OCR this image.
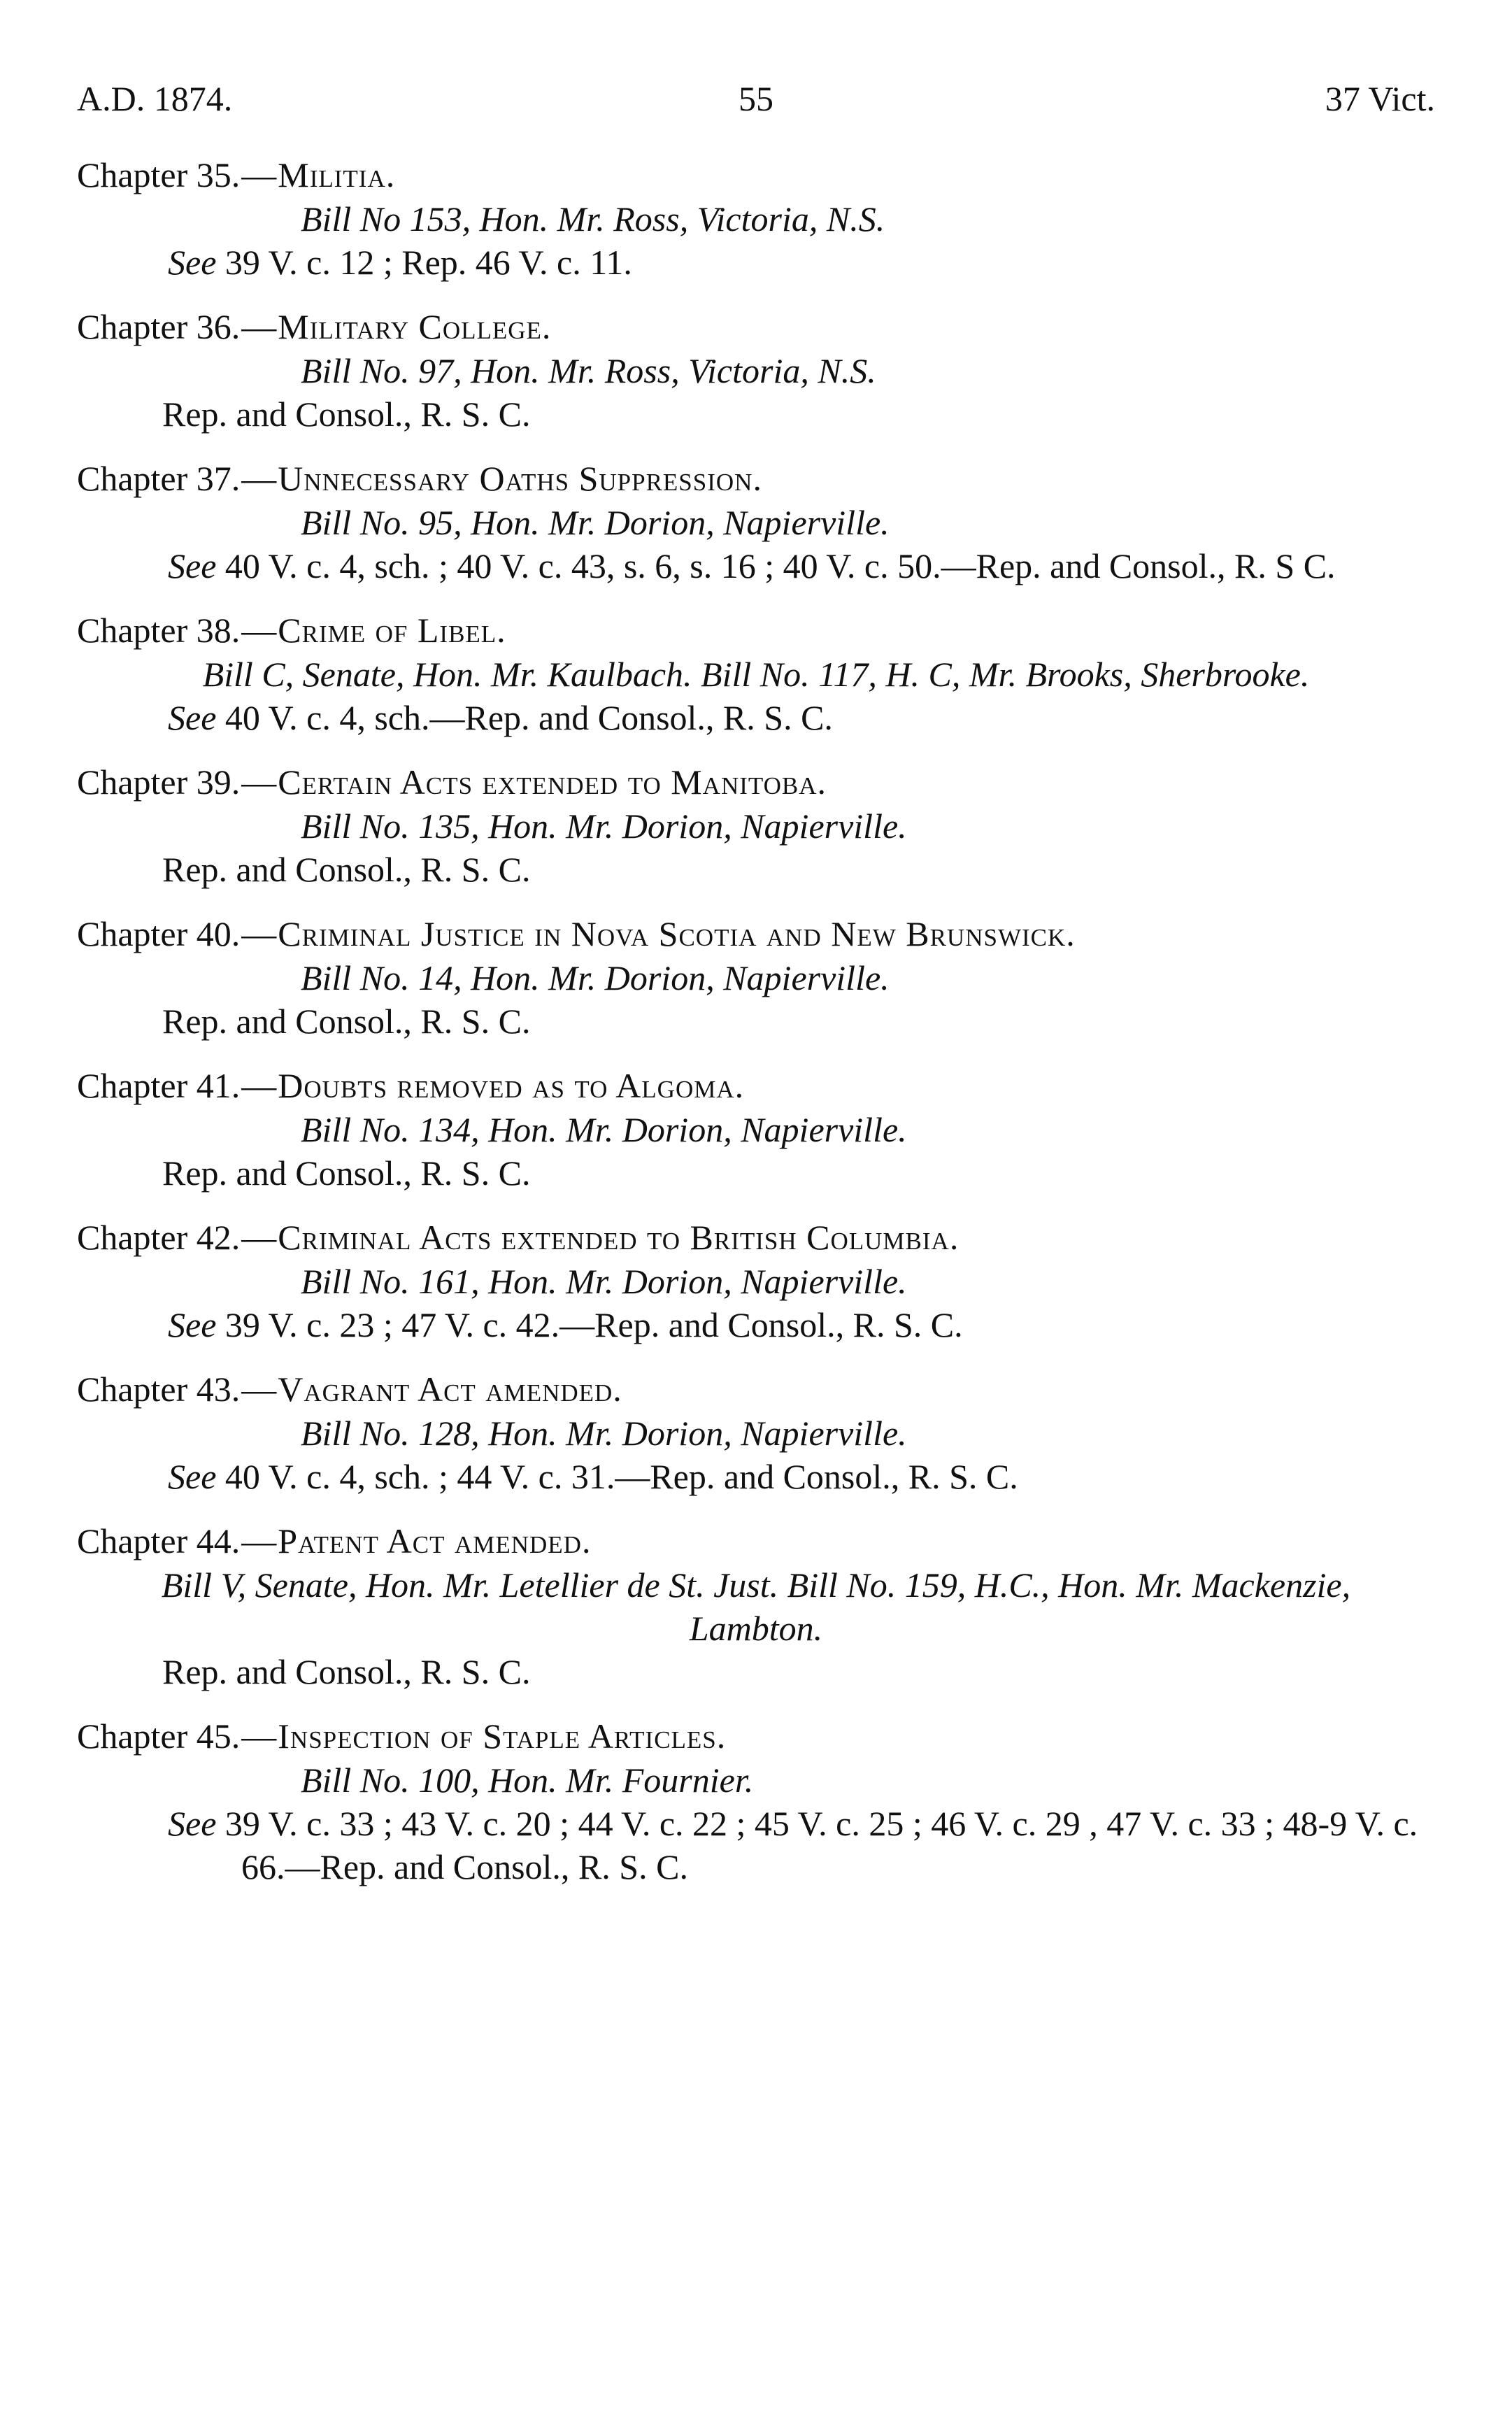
A.D. 1874.	55	37 Vict.
Chapter 35.—Militia.
Bill No 153, Hon. Mr. Ross, Victoria, N.S.
See 39 V. c. 12 ; Rep. 46 V. c. 11.
Chapter 36.—Military College.
Bill No. 97, Hon. Mr. Ross, Victoria, N.S.
Rep. and Consol., R. S. C.
Chapter 37.—Unnecessary Oaths Suppression.
Bill No. 95, Hon. Mr. Dorion, Napierville.
See 40 V. c. 4, sch. ; 40 V. c. 43, s. 6, s. 16 ; 40 V. c. 50.—Rep. and Consol., R. S C.
Chapter 38.—Crime of Libel.
Bill C, Senate, Hon. Mr. Kaulbach. Bill No. 117, H. C, Mr. Brooks, Sherbrooke.
See 40 V. c. 4, sch.—Rep. and Consol., R. S. C.
Chapter 39.—Certain Acts extended to Manitoba.
Bill No. 135, Hon. Mr. Dorion, Napierville.
Rep. and Consol., R. S. C.
Chapter 40.—Criminal Justice in Nova Scotia and New Brunswick.
Bill No. 14, Hon. Mr. Dorion, Napierville.
Rep. and Consol., R. S. C.
Chapter 41.—Doubts removed as to Algoma.
Bill No. 134, Hon. Mr. Dorion, Napierville.
Rep. and Consol., R. S. C.
Chapter 42.—Criminal Acts extended to British Columbia.
Bill No. 161, Hon. Mr. Dorion, Napierville.
See 39 V. c. 23 ; 47 V. c. 42.—Rep. and Consol., R. S. C.
Chapter 43.—Vagrant Act amended.
Bill No. 128, Hon. Mr. Dorion, Napierville.
See 40 V. c. 4, sch. ; 44 V. c. 31.—Rep. and Consol., R. S. C.
Chapter 44.—Patent Act amended.
Bill V, Senate, Hon. Mr. Letellier de St. Just. Bill No. 159, H.C., Hon. Mr. Mackenzie, Lambton.
Rep. and Consol., R. S. C.
Chapter 45.—Inspection of Staple Articles.
Bill No. 100, Hon. Mr. Fournier.
See 39 V. c. 33 ; 43 V. c. 20 ; 44 V. c. 22 ; 45 V. c. 25 ; 46 V. c. 29 , 47 V. c. 33 ; 48-9 V. c. 66.—Rep. and Consol., R. S. C.
